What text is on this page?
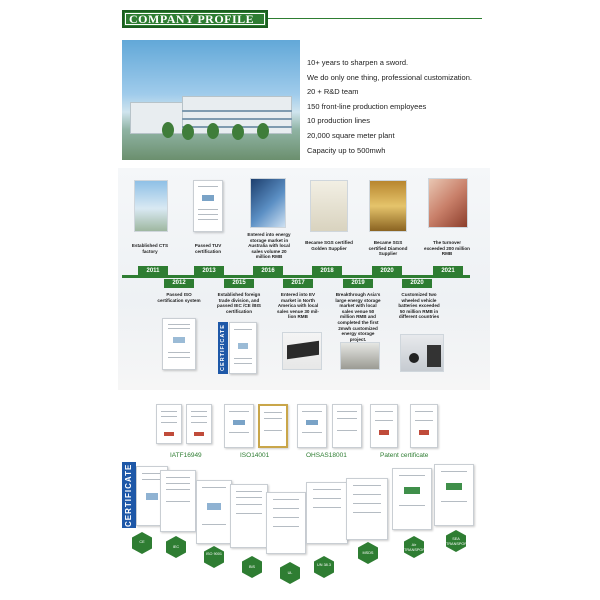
COMPANY PROFILE
10+ years to sharpen a sword.
We do only one thing, professional customization.
20 + R&D team
150 front-line production employees
10 production lines
20,000 square meter plant
Capacity up to 500mwh
Established CTS factory
Passed TUV certification
Entered into energy storage market in Australia with local sales volume 20 million RMB
Became SGS certified Golden Supplier
Became SGS certified Diamond Supplier
The turnover exceeded 200 million RMB
2011	2013	2016	2018	2020	2021
2012	2015	2017	2019	2020
Passed ISO certification system
Established foreign trade division, and passed IEC /CE /BIS certification
Entered into EV market in North America with local sales venue 30 mil-lion RMB
Breakthrough Asia's large energy storage market with local sales venue 50 million RMB and completed the first 2mwh customized energy storage project.
Customized two wheeled vehicle batteries exceeded 50 million RMB in different countries
CERTIFICATE
IATF16949	ISO14001	OHSAS18001	Patent certificate
CERTIFICATE
CE
IEC
ISO 9001
BIS
UL
UN 38.3
MSDS
Air TRANSPORT
SEA TRANSPORT
